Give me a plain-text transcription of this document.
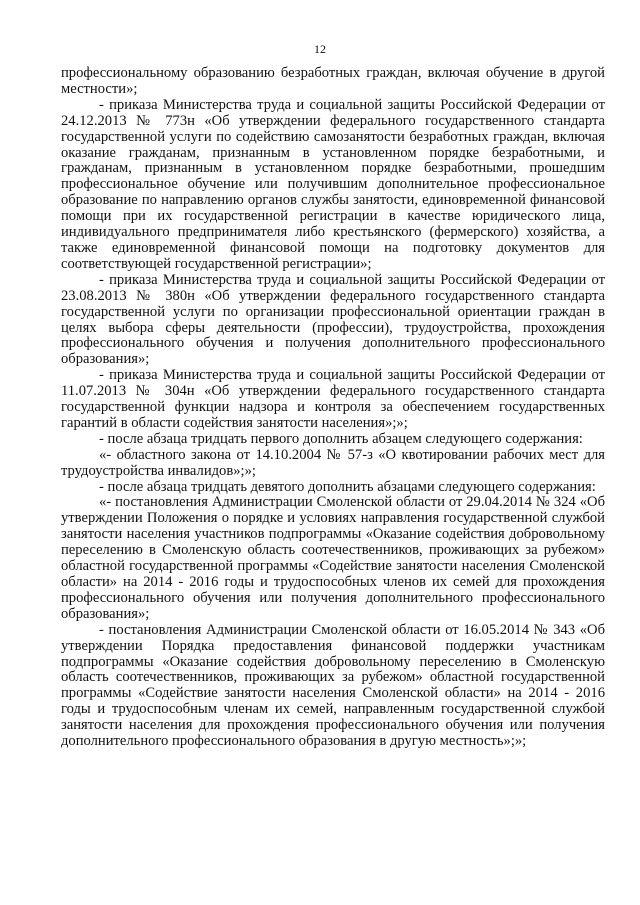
12

профессиональному образованию безработных граждан, включая обучение в другой местности»;

- приказа Министерства труда и социальной защиты Российской Федерации от 24.12.2013 № 773н «Об утверждении федерального государственного стандарта государственной услуги по содействию самозанятости безработных граждан, включая оказание гражданам, признанным в установленном порядке безработными, и гражданам, признанным в установленном порядке безработными, прошедшим профессиональное обучение или получившим дополнительное профессиональное образование по направлению органов службы занятости, единовременной финансовой помощи при их государственной регистрации в качестве юридического лица, индивидуального предпринимателя либо крестьянского (фермерского) хозяйства, а также единовременной финансовой помощи на подготовку документов для соответствующей государственной регистрации»;

- приказа Министерства труда и социальной защиты Российской Федерации от 23.08.2013 № 380н «Об утверждении федерального государственного стандарта государственной услуги по организации профессиональной ориентации граждан в целях выбора сферы деятельности (профессии), трудоустройства, прохождения профессионального обучения и получения дополнительного профессионального образования»;

- приказа Министерства труда и социальной защиты Российской Федерации от 11.07.2013 № 304н «Об утверждении федерального государственного стандарта государственной функции надзора и контроля за обеспечением государственных гарантий в области содействия занятости населения»;»;

- после абзаца тридцать первого дополнить абзацем следующего содержания:

«- областного закона от 14.10.2004 № 57-з «О квотировании рабочих мест для трудоустройства инвалидов»;»;

- после абзаца тридцать девятого дополнить абзацами следующего содержания:

«- постановления Администрации Смоленской области от 29.04.2014 № 324 «Об утверждении Положения о порядке и условиях направления государственной службой занятости населения участников подпрограммы «Оказание содействия добровольному переселению в Смоленскую область соотечественников, проживающих за рубежом» областной государственной программы «Содействие занятости населения Смоленской области» на 2014 - 2016 годы и трудоспособных членов их семей для прохождения профессионального обучения или получения дополнительного профессионального образования»;

- постановления Администрации Смоленской области от 16.05.2014 № 343 «Об утверждении Порядка предоставления финансовой поддержки участникам подпрограммы «Оказание содействия добровольному переселению в Смоленскую область соотечественников, проживающих за рубежом» областной государственной программы «Содействие занятости населения Смоленской области» на 2014 - 2016 годы и трудоспособным членам их семей, направленным государственной службой занятости населения для прохождения профессионального обучения или получения дополнительного профессионального образования в другую местность»;»;
